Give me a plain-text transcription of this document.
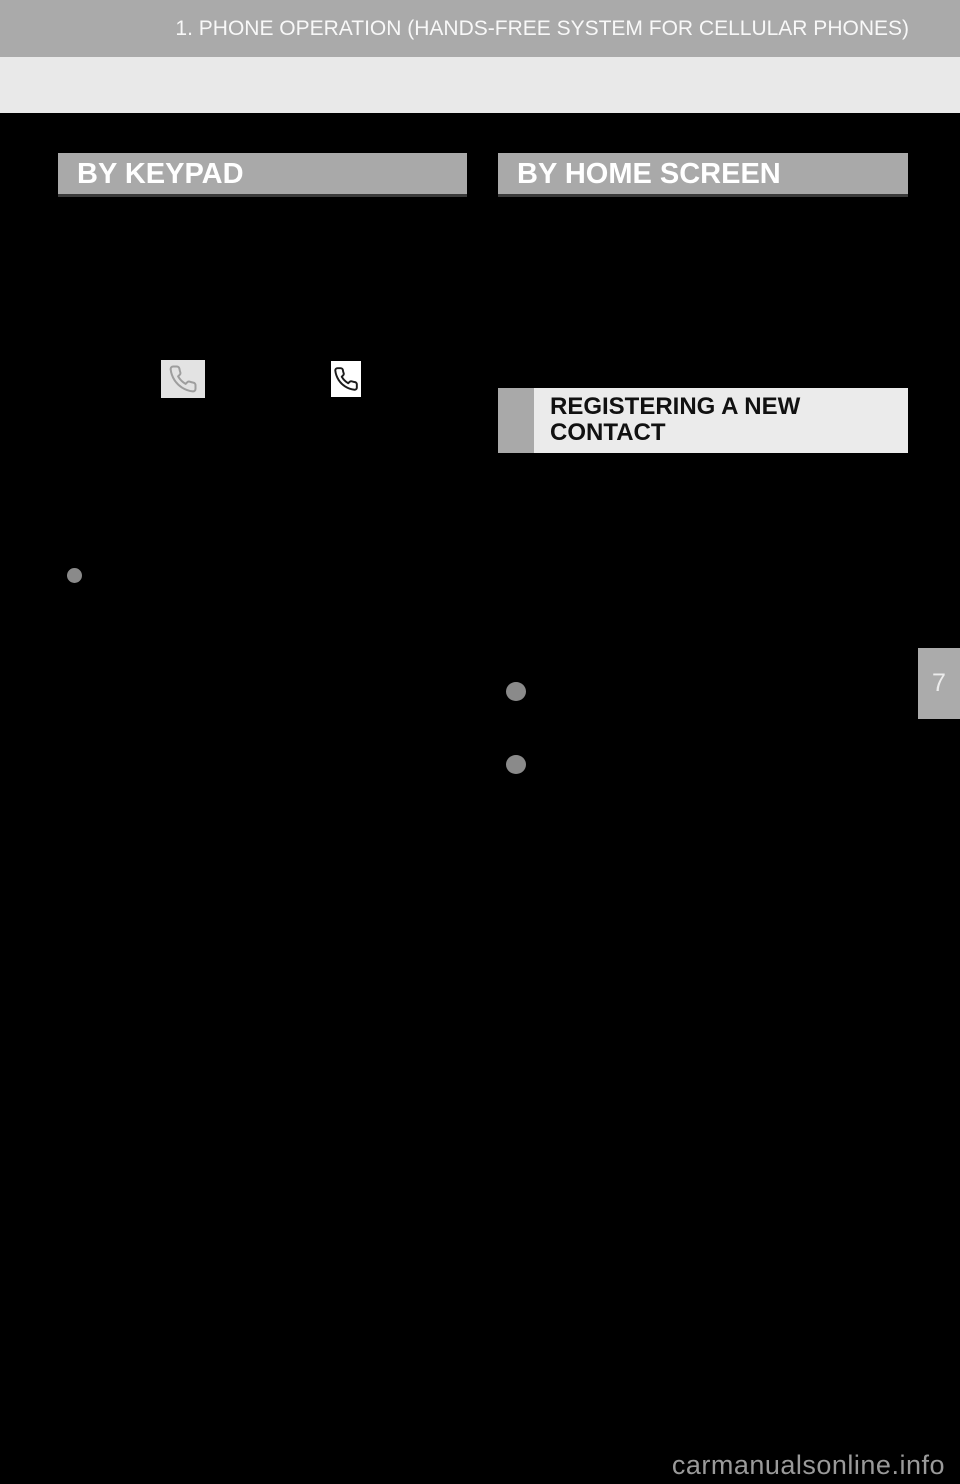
1. PHONE OPERATION (HANDS-FREE SYSTEM FOR CELLULAR PHONES)
BY KEYPAD	BY HOME SCREEN
REGISTERING A NEW
CONTACT
7
carmanualsonline.info
